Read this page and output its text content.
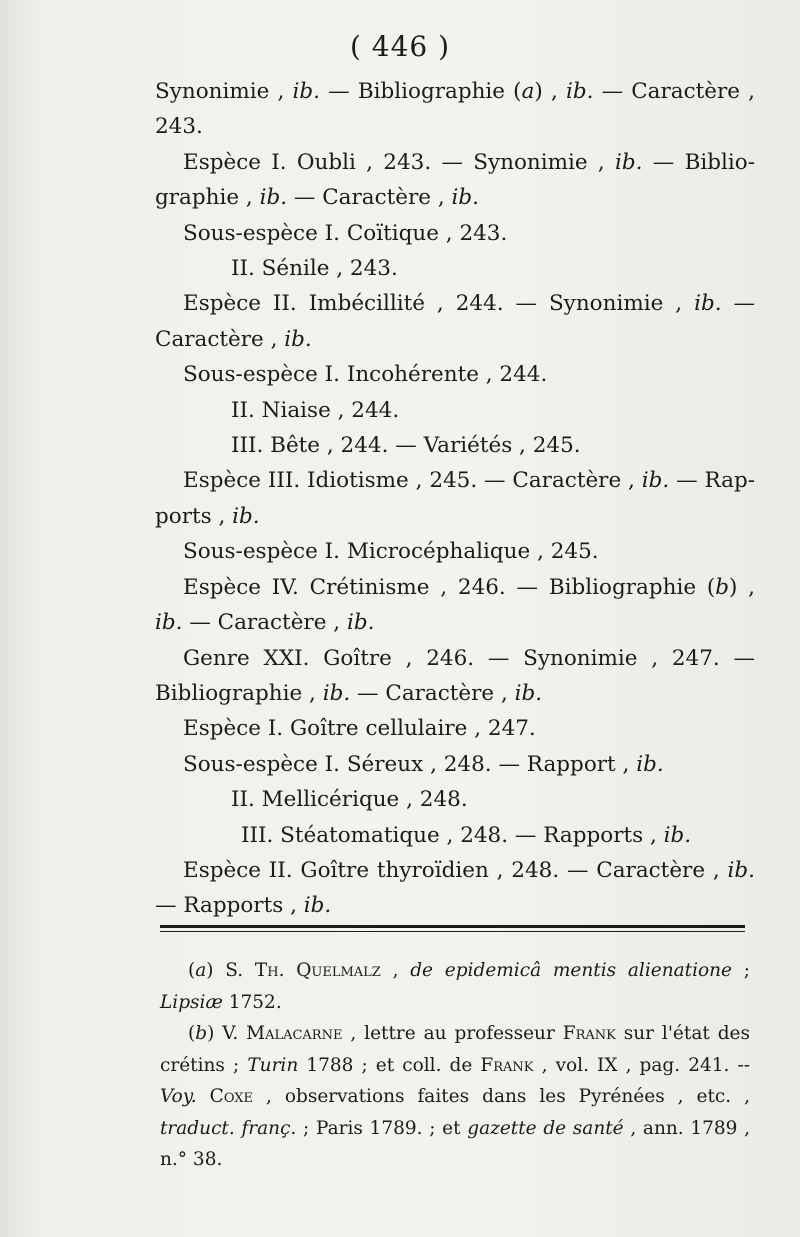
( 446 )
Synonimie , ib. — Bibliographie (a) , ib. — Caractère ,
243.
Espèce I. Oubli , 243. — Synonimie , ib. — Biblio-
graphie , ib. — Caractère , ib.
Sous-espèce I. Coïtique , 243.
II. Sénile , 243.
Espèce II. Imbécillité , 244. — Synonimie , ib. —
Caractère , ib.
Sous-espèce I. Incohérente , 244.
II. Niaise , 244.
III. Bête , 244. — Variétés , 245.
Espèce III. Idiotisme , 245. — Caractère , ib. — Rap-
ports , ib.
Sous-espèce I. Microcéphalique , 245.
Espèce IV. Crétinisme , 246. — Bibliographie (b) ,
ib. — Caractère , ib.
Genre XXI. Goître , 246. — Synonimie , 247. —
Bibliographie , ib. — Caractère , ib.
Espèce I. Goître cellulaire , 247.
Sous-espèce I. Séreux , 248. — Rapport , ib.
II. Mellicérique , 248.
III. Stéatomatique , 248. — Rapports , ib.
Espèce II. Goître thyroïdien , 248. — Caractère , ib.
— Rapports , ib.

(a) S. Th. Quelmalz , de epidemicâ mentis alienatione ; Lipsiæ 1752.

(b) V. Malacarne , lettre au professeur Frank sur l'état des crétins ; Turin 1788 ; et coll. de Frank , vol. IX , pag. 241. -- Voy. Coxe , observations faites dans les Pyrénées , etc. , traduct. franç. ; Paris 1789. ; et gazette de santé , ann. 1789 , n.° 38.
